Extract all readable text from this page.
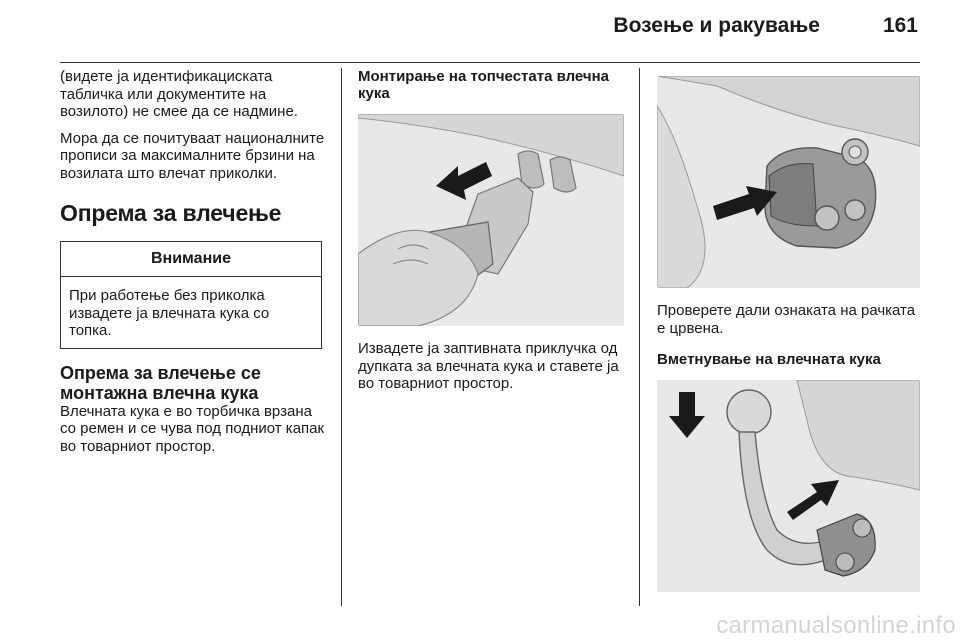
Возење и ракување	161

(видете ја идентификациската табличка или документите на возилото) не смее да се надмине.

Мора да се почитуваат националните прописи за максималните брзини на возилата што влечат приколки.

Опрема за влечење
Внимание
При работење без приколка извадете ја влечната кука со топка.
Опрема за влечење се монтажна влечна кука

Влечната кука е во торбичка врзана со ремен и се чува под подниот капак во товарниот простор.

Монтирање на топчестата влечна кука

Извадете ја заптивната приклучка од дупката за влечната кука и ставете ја во товарниот простор.

Проверете дали ознаката на рачката е црвена.

Вметнување на влечната кука
carmanualsonline.info
